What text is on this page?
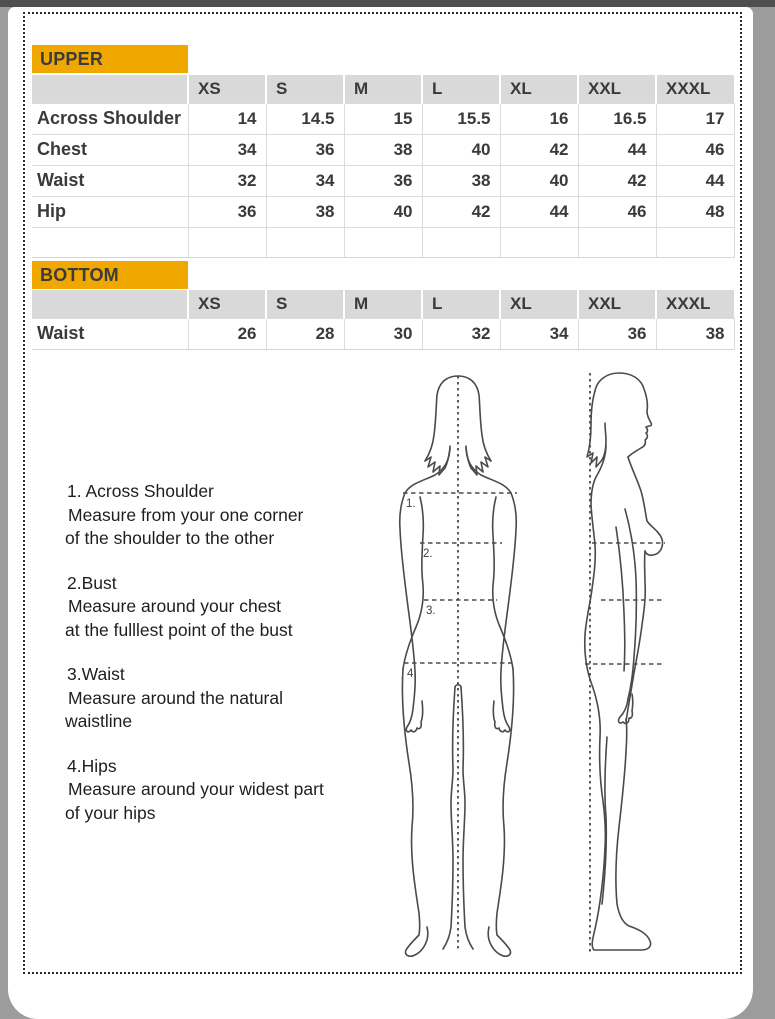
UPPER
	XS	S	M	L	XL	XXL	XXXL
Across Shoulder	14	14.5	15	15.5	16	16.5	17
Chest	34	36	38	40	42	44	46
Waist	32	34	36	38	40	42	44
Hip	36	38	40	42	44	46	48

BOTTOM
	XS	S	M	L	XL	XXL	XXXL
Waist	26	28	30	32	34	36	38

1. Across Shoulder

Measure from your one corner

of the shoulder to the other

2.Bust

Measure around your chest

at the fulllest point of the bust

3.Waist

Measure around the natural

waistline

4.Hips

Measure around your widest part

of your hips

1.
2.
3.
4.
